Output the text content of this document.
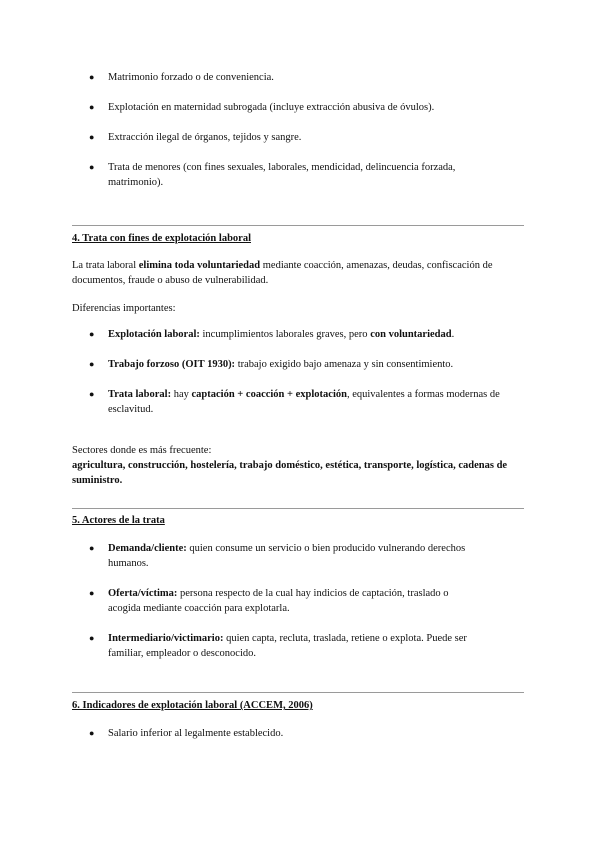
● Matrimonio forzado o de conveniencia.
● Explotación en maternidad subrogada (incluye extracción abusiva de óvulos).
● Extracción ilegal de órganos, tejidos y sangre.
● Trata de menores (con fines sexuales, laborales, mendicidad, delincuencia forzada, matrimonio).
4. Trata con fines de explotación laboral
La trata laboral elimina toda voluntariedad mediante coacción, amenazas, deudas, confiscación de documentos, fraude o abuso de vulnerabilidad.
Diferencias importantes:
● Explotación laboral: incumplimientos laborales graves, pero con voluntariedad.
● Trabajo forzoso (OIT 1930): trabajo exigido bajo amenaza y sin consentimiento.
● Trata laboral: hay captación + coacción + explotación, equivalentes a formas modernas de esclavitud.
Sectores donde es más frecuente:
agricultura, construcción, hostelería, trabajo doméstico, estética, transporte, logística, cadenas de suministro.
5. Actores de la trata
● Demanda/cliente: quien consume un servicio o bien producido vulnerando derechos humanos.
● Oferta/víctima: persona respecto de la cual hay indicios de captación, traslado o acogida mediante coacción para explotarla.
● Intermediario/victimario: quien capta, recluta, traslada, retiene o explota. Puede ser familiar, empleador o desconocido.
6. Indicadores de explotación laboral (ACCEM, 2006)
● Salario inferior al legalmente establecido.
